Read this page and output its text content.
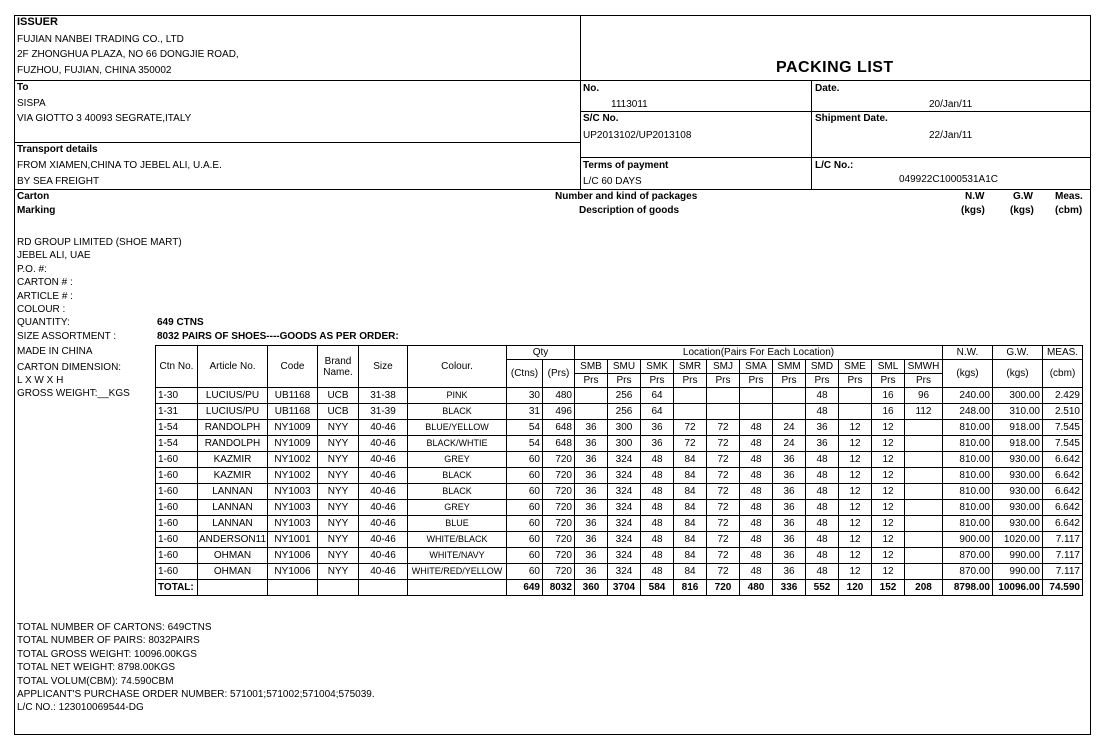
ISSUER
FUJIAN NANBEI TRADING CO., LTD
2F ZHONGHUA PLAZA, NO 66 DONGJIE ROAD,
FUZHOU, FUJIAN, CHINA 350002	PACKING LIST
To
SISPA
VIA GIOTTO 3 40093 SEGRATE,ITALY
Transport details
FROM XIAMEN,CHINA TO JEBEL ALI, U.A.E.
BY SEA FREIGHT
No.
1113011
Date.
20/Jan/11
S/C No.
UP2013102/UP2013108
Shipment Date.
22/Jan/11
Terms of payment
L/C 60 DAYS
L/C No.:
049922C1000531A1C
Carton
Marking
Number and kind of packages
Description of goods
N.W
(kgs)
G.W
(kgs)
Meas.
(cbm)
RD GROUP LIMITED (SHOE MART)
JEBEL ALI, UAE
P.O. #:
CARTON # :
ARTICLE # :
COLOUR :
QUANTITY:
SIZE ASSORTMENT :
MADE IN CHINA
CARTON DIMENSION:
L X W X H
GROSS WEIGHT:__KGS
649 CTNS
8032 PAIRS OF SHOES----GOODS AS PER ORDER:
Ctn No.	Article No.	Code	Brand Name.	Size	Colour.	Qty		Location(Pairs For Each Location)											N.W.	G.W.	MEAS.
						(Ctns)	(Prs)	SMB	SMU	SMK	SMR	SMJ	SMA	SMM	SMD	SME	SML	SMWH	(kgs)	(kgs)	(cbm)
								Prs	Prs	Prs	Prs	Prs	Prs	Prs	Prs	Prs	Prs	Prs			
1-30	LUCIUS/PU	UB1168	UCB	31-38	PINK	30	480		256	64					48		16	96	240.00	300.00	2.429
1-31	LUCIUS/PU	UB1168	UCB	31-39	BLACK	31	496		256	64					48		16	112	248.00	310.00	2.510
1-54	RANDOLPH	NY1009	NYY	40-46	BLUE/YELLOW	54	648	36	300	36	72	72	48	24	36	12	12		810.00	918.00	7.545
1-54	RANDOLPH	NY1009	NYY	40-46	BLACK/WHTIE	54	648	36	300	36	72	72	48	24	36	12	12		810.00	918.00	7.545
1-60	KAZMIR	NY1002	NYY	40-46	GREY	60	720	36	324	48	84	72	48	36	48	12	12		810.00	930.00	6.642
1-60	KAZMIR	NY1002	NYY	40-46	BLACK	60	720	36	324	48	84	72	48	36	48	12	12		810.00	930.00	6.642
1-60	LANNAN	NY1003	NYY	40-46	BLACK	60	720	36	324	48	84	72	48	36	48	12	12		810.00	930.00	6.642
1-60	LANNAN	NY1003	NYY	40-46	GREY	60	720	36	324	48	84	72	48	36	48	12	12		810.00	930.00	6.642
1-60	LANNAN	NY1003	NYY	40-46	BLUE	60	720	36	324	48	84	72	48	36	48	12	12		810.00	930.00	6.642
1-60	ANDERSON11	NY1001	NYY	40-46	WHITE/BLACK	60	720	36	324	48	84	72	48	36	48	12	12		900.00	1020.00	7.117
1-60	OHMAN	NY1006	NYY	40-46	WHITE/NAVY	60	720	36	324	48	84	72	48	36	48	12	12		870.00	990.00	7.117
1-60	OHMAN	NY1006	NYY	40-46	WHITE/RED/YELLOW	60	720	36	324	48	84	72	48	36	48	12	12		870.00	990.00	7.117
TOTAL:						649	8032	360	3704	584	816	720	480	336	552	120	152	208	8798.00	10096.00	74.590
TOTAL NUMBER OF CARTONS: 649CTNS
TOTAL NUMBER OF PAIRS: 8032PAIRS
TOTAL GROSS WEIGHT: 10096.00KGS
TOTAL NET WEIGHT: 8798.00KGS
TOTAL VOLUM(CBM): 74.590CBM
APPLICANT'S PURCHASE ORDER NUMBER: 571001;571002;571004;575039.
L/C NO.: 123010069544-DG
